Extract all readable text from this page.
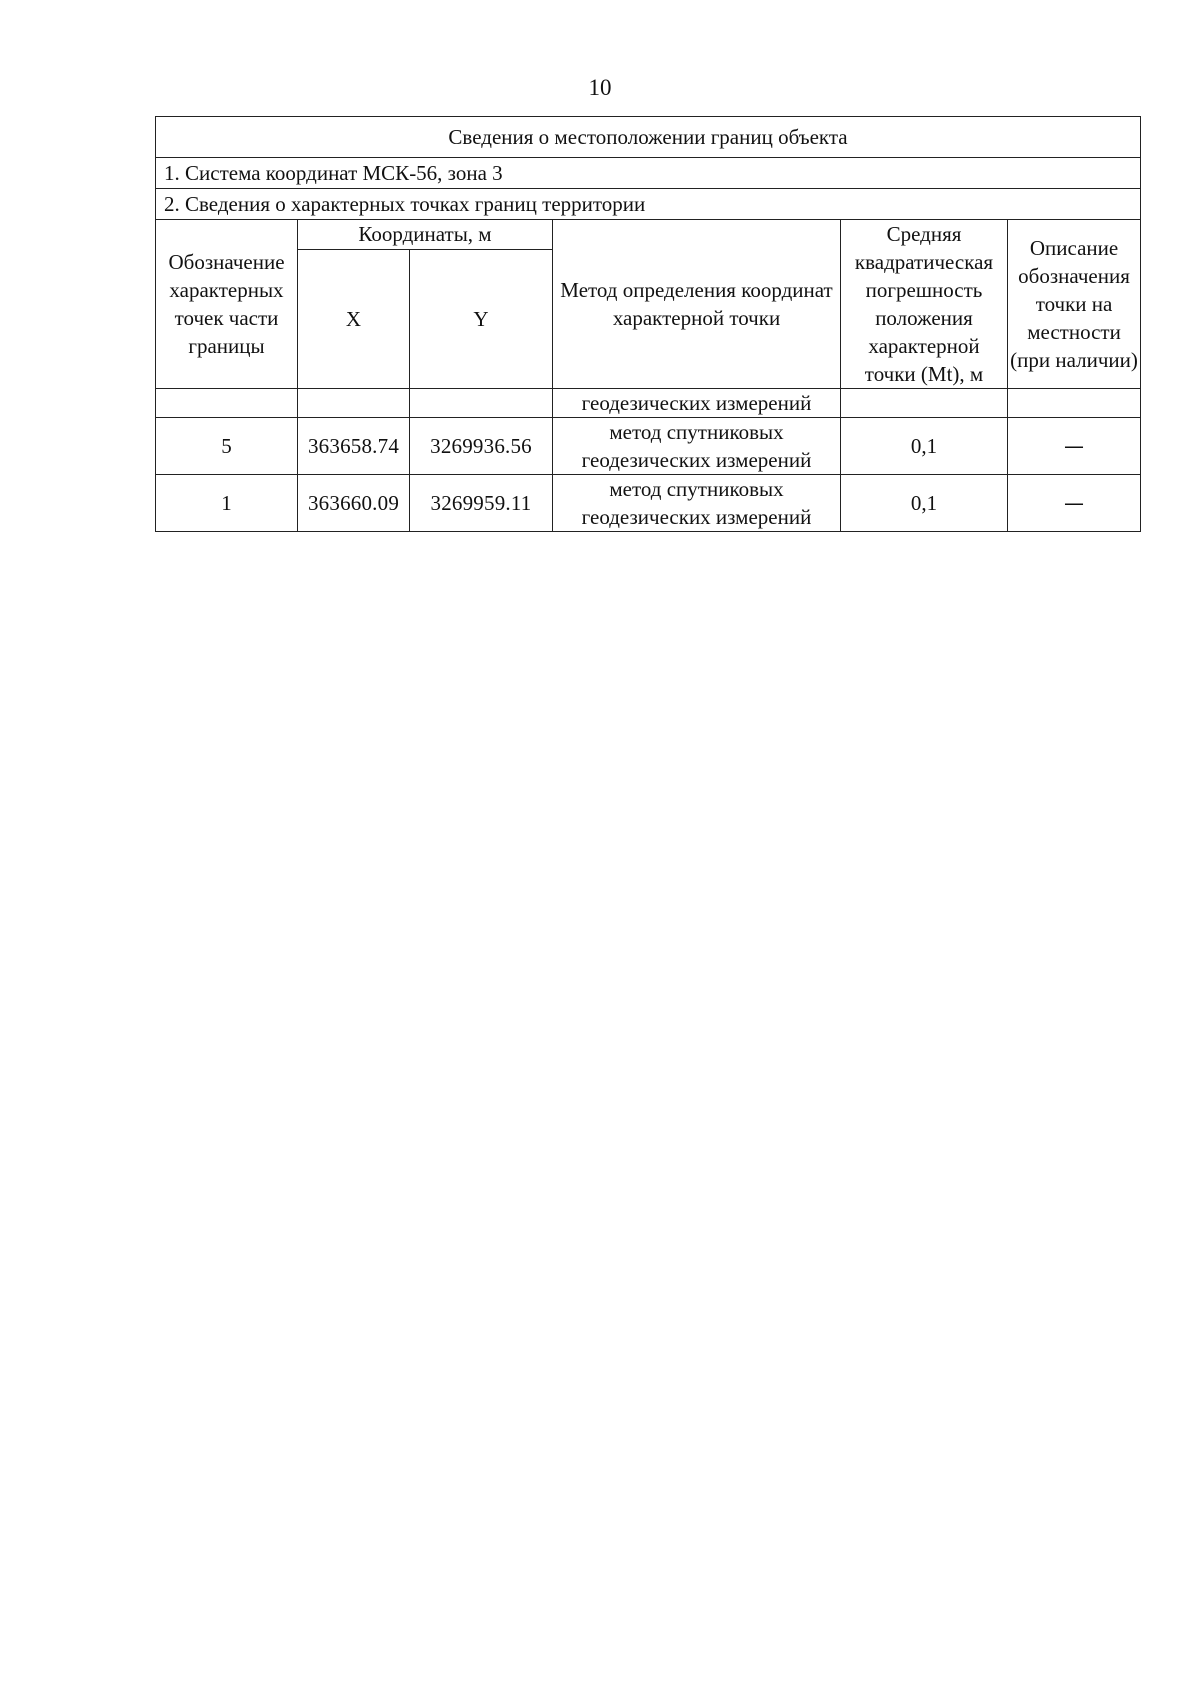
10
Сведения о местоположении границ объекта					
1. Система координат МСК-56, зона 3					
2. Сведения о характерных точках границ территории					
Обозначение характерных точек части границы	Координаты, м		Метод определения координат характерной точки	Средняя квадратическая погрешность положения характерной точки (Mt), м	Описание обозначения точки на местности (при наличии)
	X	Y			
			геодезических измерений		
5	363658.74	3269936.56	метод спутниковых геодезических измерений	0,1	—
1	363660.09	3269959.11	метод спутниковых геодезических измерений	0,1	—
